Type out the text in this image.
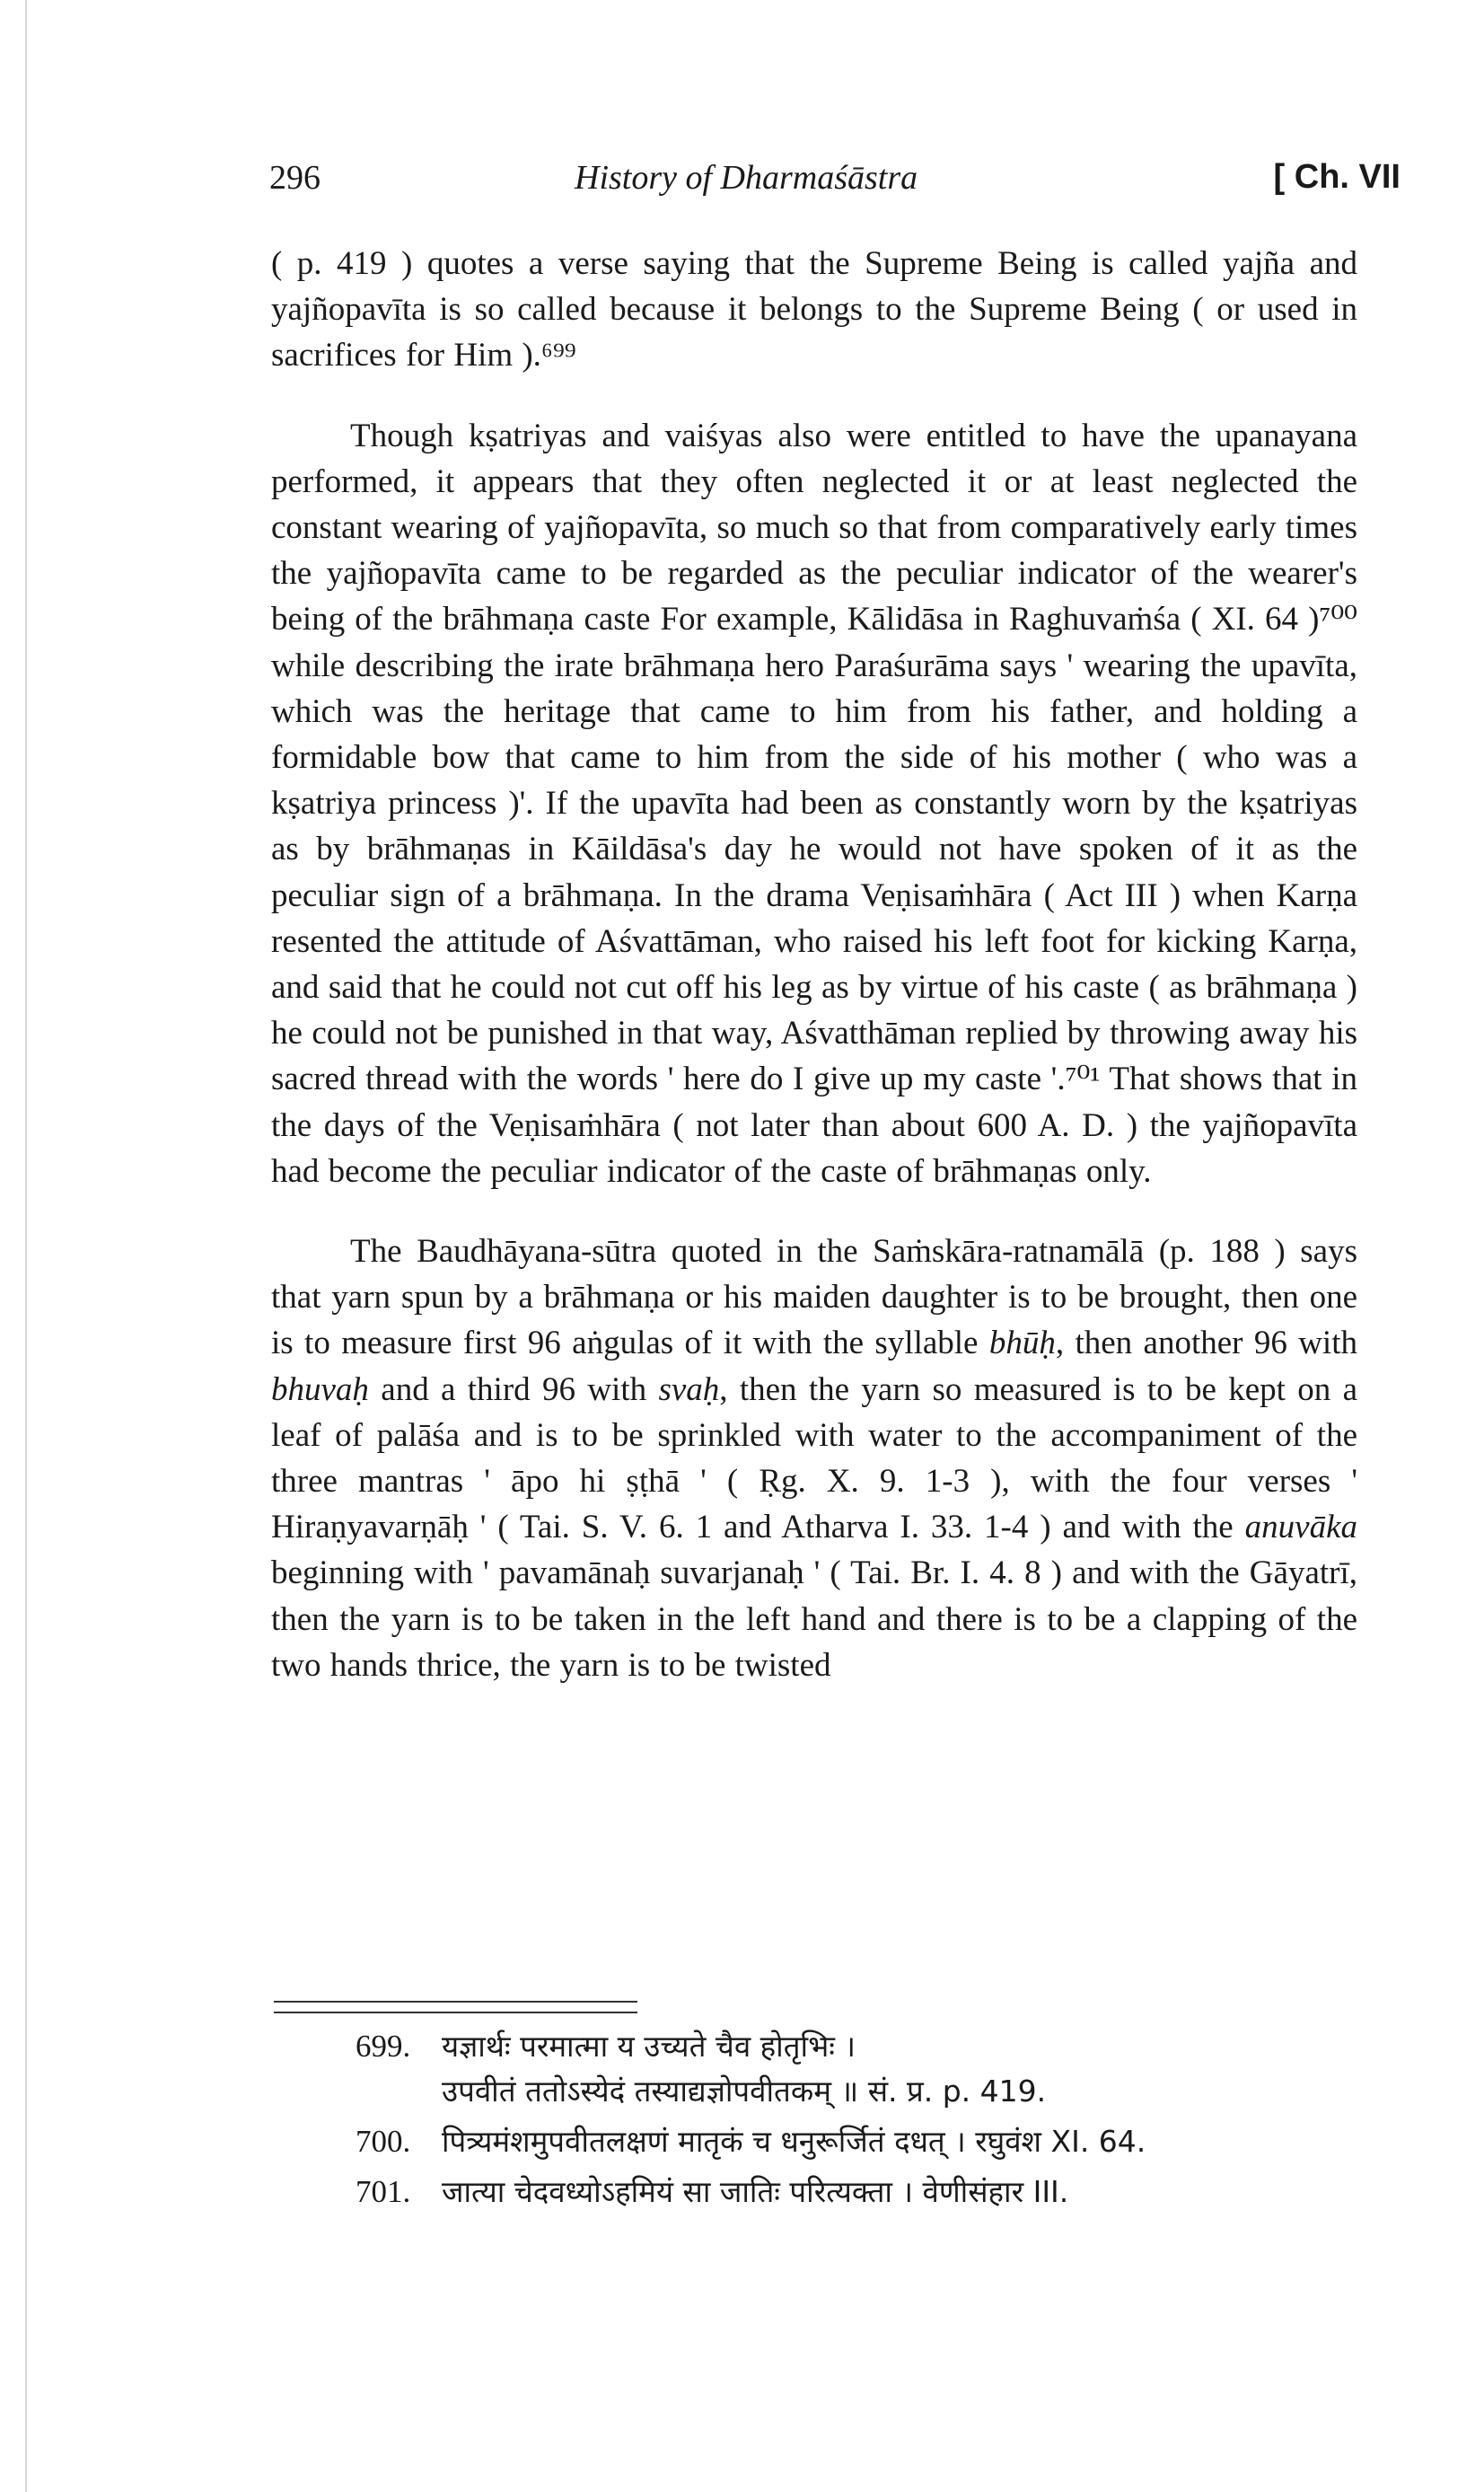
296	History of Dharmaśāstra	[ Ch. VII

( p. 419 ) quotes a verse saying that the Supreme Being is called yajña and yajñopavīta is so called because it belongs to the Supreme Being ( or used in sacrifices for Him ).⁶⁹⁹

Though kṣatriyas and vaiśyas also were entitled to have the upanayana performed, it appears that they often neglected it or at least neglected the constant wearing of yajñopavīta, so much so that from comparatively early times the yajñopavīta came to be regarded as the peculiar indicator of the wearer's being of the brāhmaṇa caste For example, Kālidāsa in Raghuvaṁśa ( XI. 64 )⁷⁰⁰ while describing the irate brāhmaṇa hero Paraśurāma says ' wearing the upavīta, which was the heritage that came to him from his father, and holding a formidable bow that came to him from the side of his mother ( who was a kṣatriya princess )'. If the upavīta had been as constantly worn by the kṣatriyas as by brāhmaṇas in Kāildāsa's day he would not have spoken of it as the peculiar sign of a brāhmaṇa. In the drama Veṇisaṁhāra ( Act III ) when Karṇa resented the attitude of Aśvattāman, who raised his left foot for kicking Karṇa, and said that he could not cut off his leg as by virtue of his caste ( as brāhmaṇa ) he could not be punished in that way, Aśvatthāman replied by throwing away his sacred thread with the words ' here do I give up my caste '.⁷⁰¹ That shows that in the days of the Veṇisaṁhāra ( not later than about 600 A. D. ) the yajñopavīta had become the peculiar indicator of the caste of brāhmaṇas only.

The Baudhāyana-sūtra quoted in the Saṁskāra-ratnamālā (p. 188 ) says that yarn spun by a brāhmaṇa or his maiden daughter is to be brought, then one is to measure first 96 aṅgulas of it with the syllable bhūḥ, then another 96 with bhuvaḥ and a third 96 with svaḥ, then the yarn so measured is to be kept on a leaf of palāśa and is to be sprinkled with water to the accompaniment of the three mantras ' āpo hi ṣṭhā ' ( Ṛg. X. 9. 1-3 ), with the four verses ' Hiraṇyavarṇāḥ ' ( Tai. S. V. 6. 1 and Atharva I. 33. 1-4 ) and with the anuvāka beginning with ' pavamānaḥ suvarjanaḥ ' ( Tai. Br. I. 4. 8 ) and with the Gāyatrī, then the yarn is to be taken in the left hand and there is to be a clapping of the two hands thrice, the yarn is to be twisted

699. यज्ञार्थः परमात्मा य उच्यते चैव होतृभिः ।
उपवीतं ततोऽस्येदं तस्याद्यज्ञोपवीतकम् ॥ सं. प्र. p. 419.
700. पित्र्यमंशमुपवीतलक्षणं मातृकं च धनुरूर्जितं दधत् । रघुवंश XI. 64.
701. जात्या चेदवध्योऽहमियं सा जातिः परित्यक्ता । वेणीसंहार III.
